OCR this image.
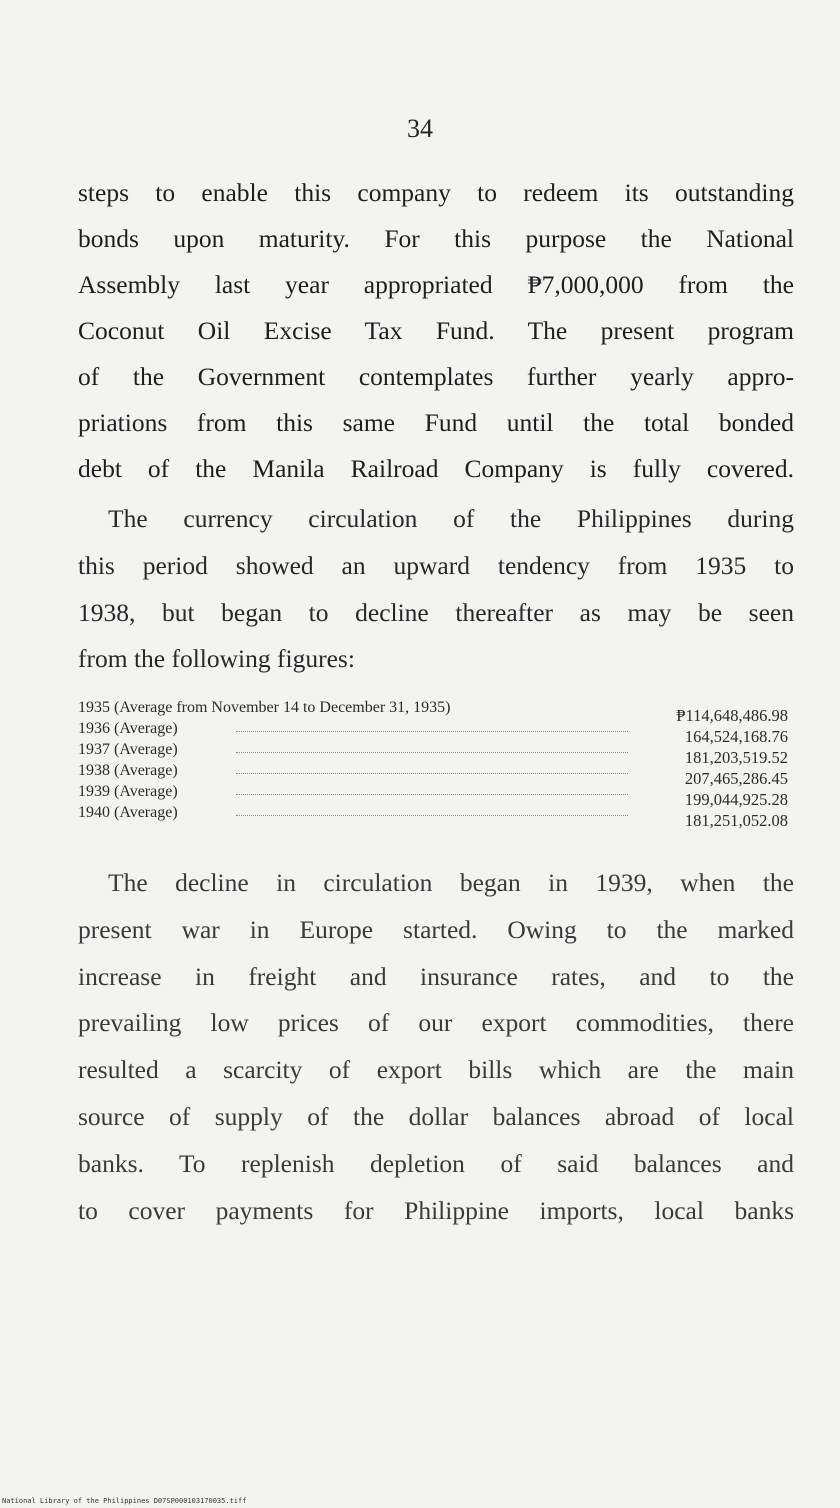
34
steps to enable this company to redeem its outstanding
bonds upon maturity. For this purpose the National
Assembly last year appropriated ₱7,000,000 from the
Coconut Oil Excise Tax Fund. The present program
of the Government contemplates further yearly appro-
priations from this same Fund until the total bonded
debt of the Manila Railroad Company is fully covered.
The currency circulation of the Philippines during
this period showed an upward tendency from 1935 to
1938, but began to decline thereafter as may be seen
from the following figures:
1935 (Average from November 14 to December 31, 1935)	₱114,648,486.98
1936 (Average)	164,524,168.76
1937 (Average)	181,203,519.52
1938 (Average)	207,465,286.45
1939 (Average)	199,044,925.28
1940 (Average)	181,251,052.08
The decline in circulation began in 1939, when the
present war in Europe started. Owing to the marked
increase in freight and insurance rates, and to the
prevailing low prices of our export commodities, there
resulted a scarcity of export bills which are the main
source of supply of the dollar balances abroad of local
banks. To replenish depletion of said balances and
to cover payments for Philippine imports, local banks
National Library of the Philippines D07SP000103170035.tiff
